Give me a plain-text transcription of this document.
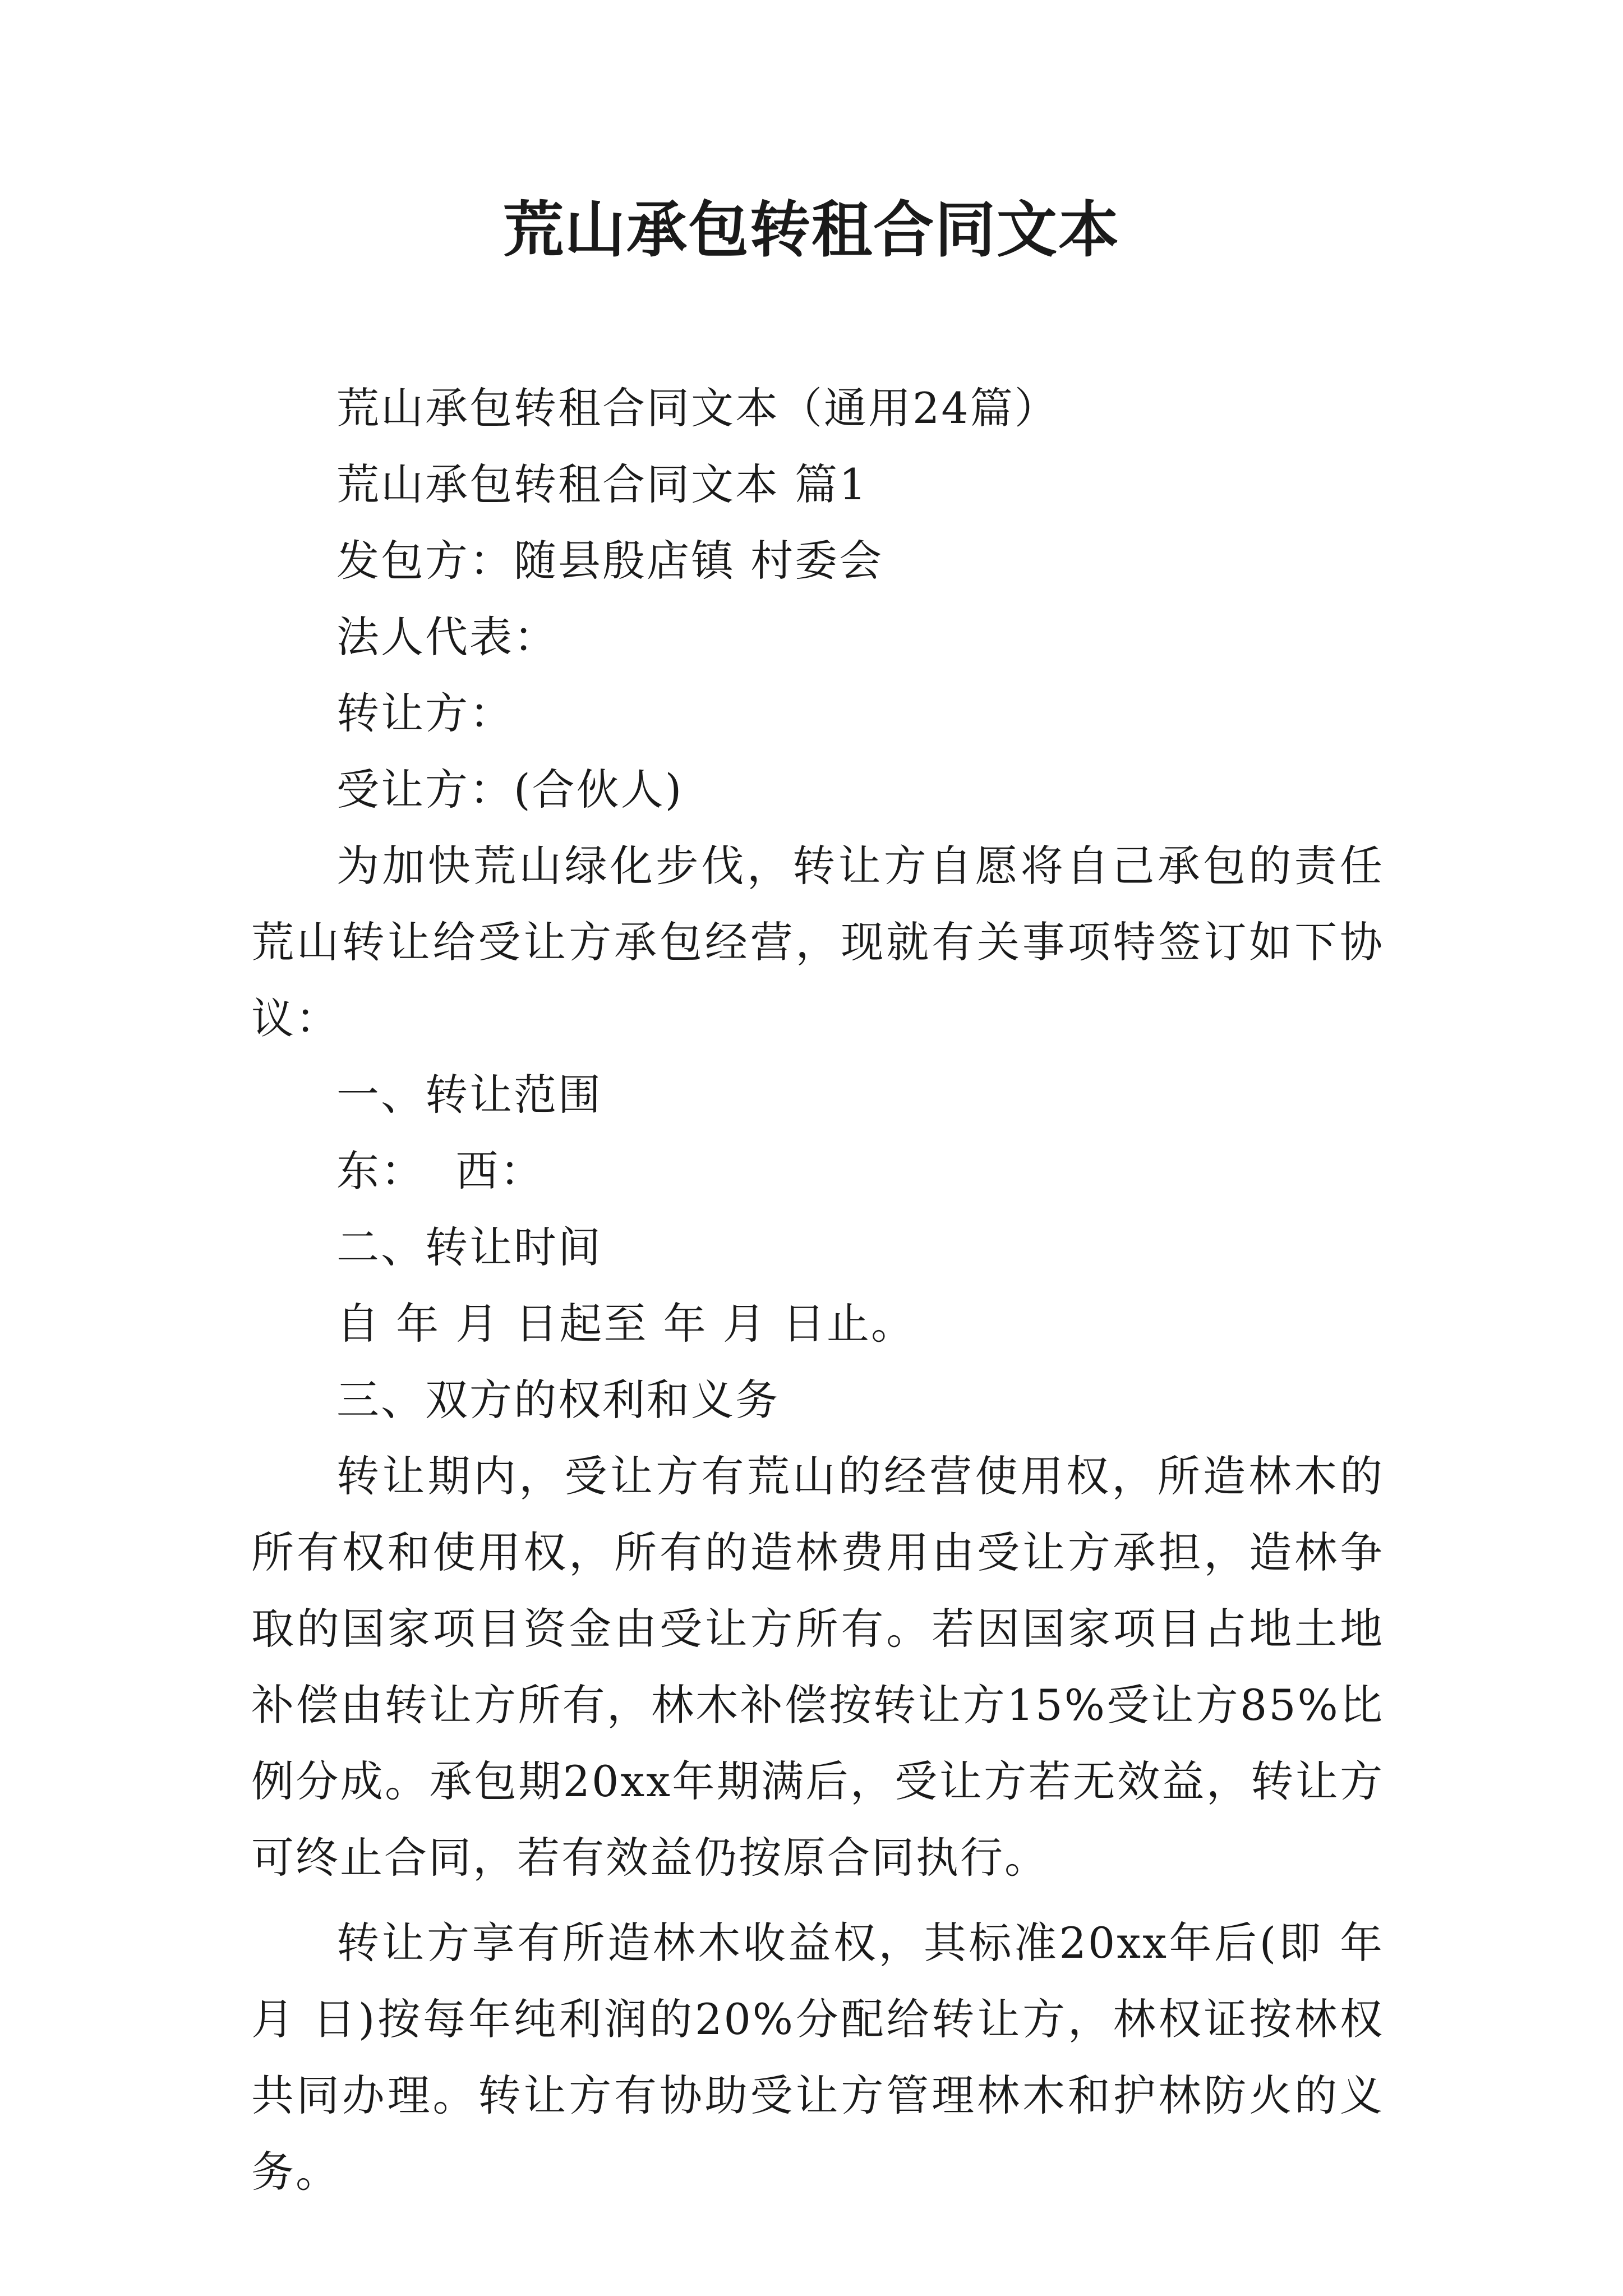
荒山承包转租合同文本

荒山承包转租合同文本（通用24篇）

荒山承包转租合同文本 篇1

发包方：随县殷店镇 村委会

法人代表：

转让方：

受让方：(合伙人)

为加快荒山绿化步伐，转让方自愿将自己承包的责任荒山转让给受让方承包经营，现就有关事项特签订如下协议：

一、转让范围

东：  西：

二、转让时间

自 年 月 日起至 年 月 日止。

三、双方的权利和义务

转让期内，受让方有荒山的经营使用权，所造林木的所有权和使用权，所有的造林费用由受让方承担，造林争取的国家项目资金由受让方所有。若因国家项目占地土地补偿由转让方所有，林木补偿按转让方15%受让方85%比例分成。承包期20xx年期满后，受让方若无效益，转让方可终止合同，若有效益仍按原合同执行。

转让方享有所造林木收益权，其标准20xx年后(即 年 月 日)按每年纯利润的20%分配给转让方，林权证按林权共同办理。转让方有协助受让方管理林木和护林防火的义务。
